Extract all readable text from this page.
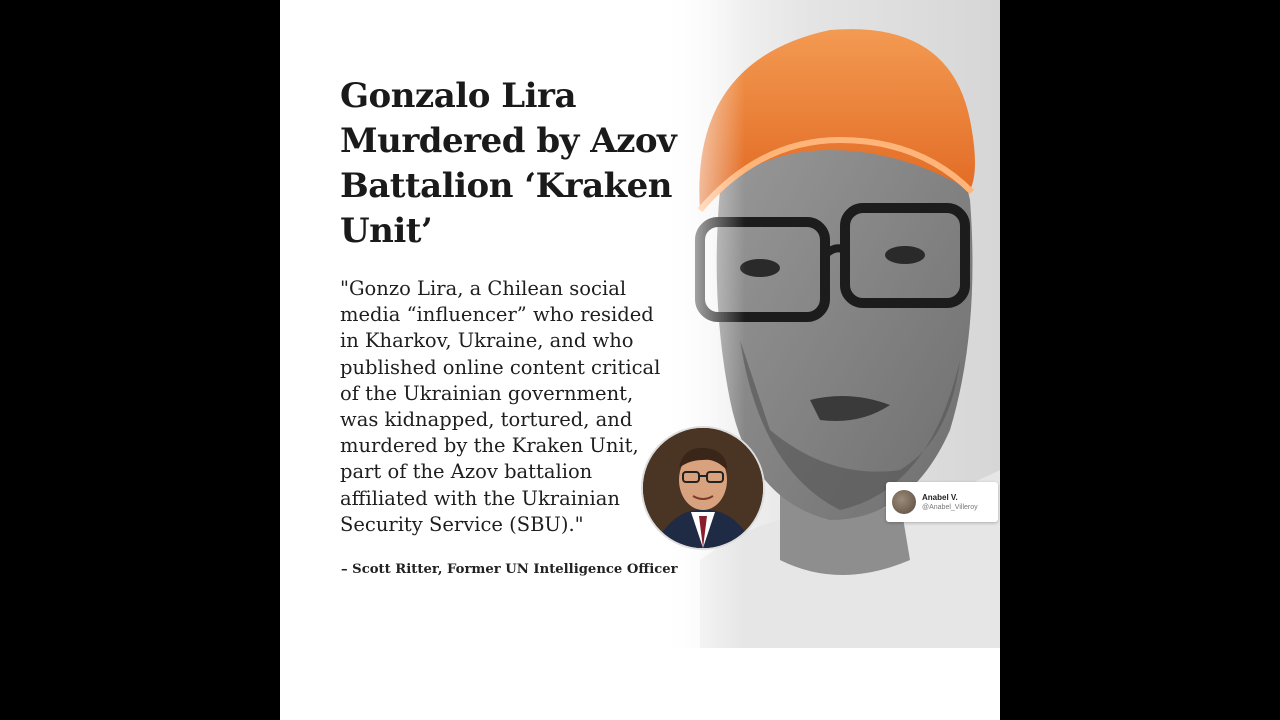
Gonzalo Lira
Murdered by Azov
Battalion ‘Kraken
Unit’
"Gonzo Lira, a Chilean social
media “influencer” who resided
in Kharkov, Ukraine, and who
published online content critical
of the Ukrainian government,
was kidnapped, tortured, and
murdered by the Kraken Unit,
part of the Azov battalion
affiliated with the Ukrainian
Security Service (SBU)."
– Scott Ritter, Former UN Intelligence Officer
Anabel V.
@Anabel_Villeroy
